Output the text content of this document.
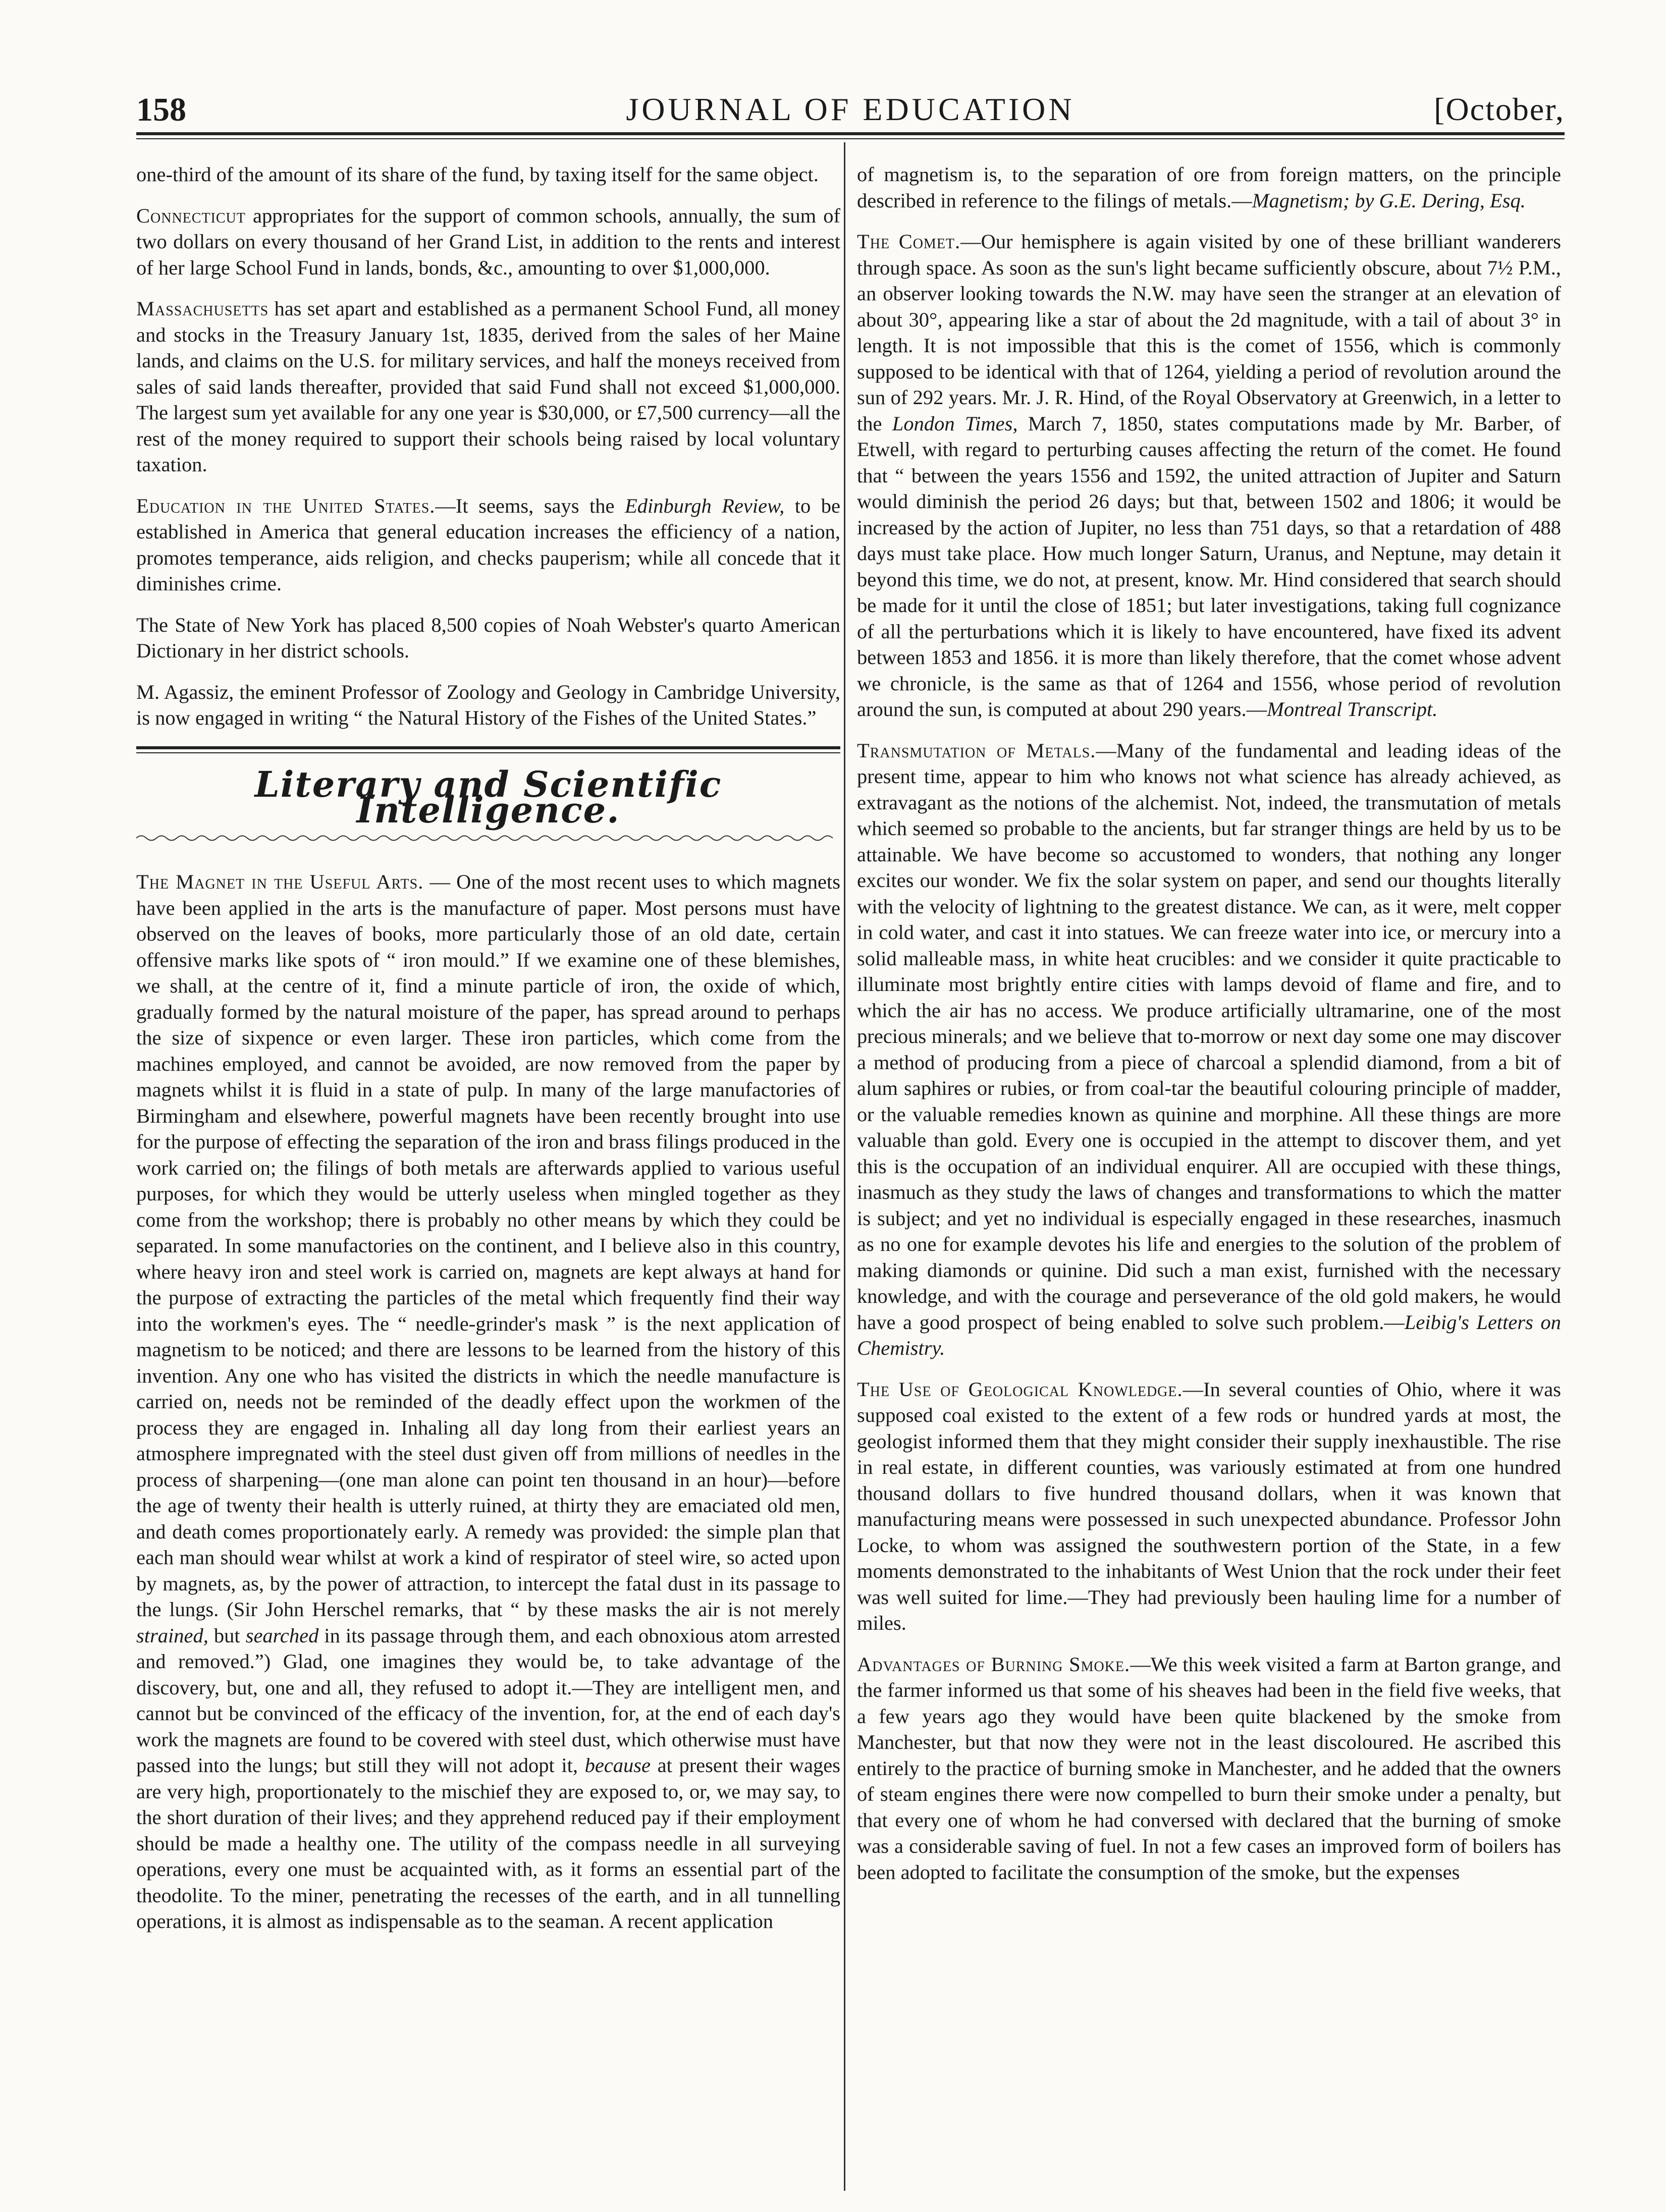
158	JOURNAL OF EDUCATION	[October,

one-third of the amount of its share of the fund, by taxing itself for the same object.

Connecticut appropriates for the support of common schools, annually, the sum of two dollars on every thousand of her Grand List, in addition to the rents and interest of her large School Fund in lands, bonds, &c., amounting to over $1,000,000.

Massachusetts has set apart and established as a permanent School Fund, all money and stocks in the Treasury January 1st, 1835, derived from the sales of her Maine lands, and claims on the U.S. for military services, and half the moneys received from sales of said lands thereafter, provided that said Fund shall not exceed $1,000,000. The largest sum yet available for any one year is $30,000, or £7,500 currency—all the rest of the money required to support their schools being raised by local voluntary taxation.

Education in the United States.—It seems, says the Edinburgh Review, to be established in America that general education increases the efficiency of a nation, promotes temperance, aids religion, and checks pauperism; while all concede that it diminishes crime.

The State of New York has placed 8,500 copies of Noah Webster's quarto American Dictionary in her district schools.

M. Agassiz, the eminent Professor of Zoology and Geology in Cambridge University, is now engaged in writing “ the Natural History of the Fishes of the United States.”

Literary and Scientific Intelligence.

The Magnet in the Useful Arts. — One of the most recent uses to which magnets have been applied in the arts is the manufacture of paper. Most persons must have observed on the leaves of books, more particularly those of an old date, certain offensive marks like spots of “ iron mould.” If we examine one of these blemishes, we shall, at the centre of it, find a minute particle of iron, the oxide of which, gradually formed by the natural moisture of the paper, has spread around to perhaps the size of sixpence or even larger. These iron particles, which come from the machines employed, and cannot be avoided, are now removed from the paper by magnets whilst it is fluid in a state of pulp. In many of the large manufactories of Birmingham and elsewhere, powerful magnets have been recently brought into use for the purpose of effecting the separation of the iron and brass filings produced in the work carried on; the filings of both metals are afterwards applied to various useful purposes, for which they would be utterly useless when mingled together as they come from the workshop; there is probably no other means by which they could be separated. In some manufactories on the continent, and I believe also in this country, where heavy iron and steel work is carried on, magnets are kept always at hand for the purpose of extracting the particles of the metal which frequently find their way into the workmen's eyes. The “ needle-grinder's mask ” is the next application of magnetism to be noticed; and there are lessons to be learned from the history of this invention. Any one who has visited the districts in which the needle manufacture is carried on, needs not be reminded of the deadly effect upon the workmen of the process they are engaged in. Inhaling all day long from their earliest years an atmosphere impregnated with the steel dust given off from millions of needles in the process of sharpening—(one man alone can point ten thousand in an hour)—before the age of twenty their health is utterly ruined, at thirty they are emaciated old men, and death comes proportionately early. A remedy was provided: the simple plan that each man should wear whilst at work a kind of respirator of steel wire, so acted upon by magnets, as, by the power of attraction, to intercept the fatal dust in its passage to the lungs. (Sir John Herschel remarks, that “ by these masks the air is not merely strained, but searched in its passage through them, and each obnoxious atom arrested and removed.”) Glad, one imagines they would be, to take advantage of the discovery, but, one and all, they refused to adopt it.—They are intelligent men, and cannot but be convinced of the efficacy of the invention, for, at the end of each day's work the magnets are found to be covered with steel dust, which otherwise must have passed into the lungs; but still they will not adopt it, because at present their wages are very high, proportionately to the mischief they are exposed to, or, we may say, to the short duration of their lives; and they apprehend reduced pay if their employment should be made a healthy one. The utility of the compass needle in all surveying operations, every one must be acquainted with, as it forms an essential part of the theodolite. To the miner, penetrating the recesses of the earth, and in all tunnelling operations, it is almost as indispensable as to the seaman. A recent application

of magnetism is, to the separation of ore from foreign matters, on the principle described in reference to the filings of metals.—Magnetism; by G.E. Dering, Esq.

The Comet.—Our hemisphere is again visited by one of these brilliant wanderers through space. As soon as the sun's light became sufficiently obscure, about 7½ P.M., an observer looking towards the N.W. may have seen the stranger at an elevation of about 30°, appearing like a star of about the 2d magnitude, with a tail of about 3° in length. It is not impossible that this is the comet of 1556, which is commonly supposed to be identical with that of 1264, yielding a period of revolution around the sun of 292 years. Mr. J. R. Hind, of the Royal Observatory at Greenwich, in a letter to the London Times, March 7, 1850, states computations made by Mr. Barber, of Etwell, with regard to perturbing causes affecting the return of the comet. He found that “ between the years 1556 and 1592, the united attraction of Jupiter and Saturn would diminish the period 26 days; but that, between 1502 and 1806; it would be increased by the action of Jupiter, no less than 751 days, so that a retardation of 488 days must take place. How much longer Saturn, Uranus, and Neptune, may detain it beyond this time, we do not, at present, know. Mr. Hind considered that search should be made for it until the close of 1851; but later investigations, taking full cognizance of all the perturbations which it is likely to have encountered, have fixed its advent between 1853 and 1856. it is more than likely therefore, that the comet whose advent we chronicle, is the same as that of 1264 and 1556, whose period of revolution around the sun, is computed at about 290 years.—Montreal Transcript.

Transmutation of Metals.—Many of the fundamental and leading ideas of the present time, appear to him who knows not what science has already achieved, as extravagant as the notions of the alchemist. Not, indeed, the transmutation of metals which seemed so probable to the ancients, but far stranger things are held by us to be attainable. We have become so accustomed to wonders, that nothing any longer excites our wonder. We fix the solar system on paper, and send our thoughts literally with the velocity of lightning to the greatest distance. We can, as it were, melt copper in cold water, and cast it into statues. We can freeze water into ice, or mercury into a solid malleable mass, in white heat crucibles: and we consider it quite practicable to illuminate most brightly entire cities with lamps devoid of flame and fire, and to which the air has no access. We produce artificially ultramarine, one of the most precious minerals; and we believe that to-morrow or next day some one may discover a method of producing from a piece of charcoal a splendid diamond, from a bit of alum saphires or rubies, or from coal-tar the beautiful colouring principle of madder, or the valuable remedies known as quinine and morphine. All these things are more valuable than gold. Every one is occupied in the attempt to discover them, and yet this is the occupation of an individual enquirer. All are occupied with these things, inasmuch as they study the laws of changes and transformations to which the matter is subject; and yet no individual is especially engaged in these researches, inasmuch as no one for example devotes his life and energies to the solution of the problem of making diamonds or quinine. Did such a man exist, furnished with the necessary knowledge, and with the courage and perseverance of the old gold makers, he would have a good prospect of being enabled to solve such problem.—Leibig's Letters on Chemistry.

The Use of Geological Knowledge.—In several counties of Ohio, where it was supposed coal existed to the extent of a few rods or hundred yards at most, the geologist informed them that they might consider their supply inexhaustible. The rise in real estate, in different counties, was variously estimated at from one hundred thousand dollars to five hundred thousand dollars, when it was known that manufacturing means were possessed in such unexpected abundance. Professor John Locke, to whom was assigned the southwestern portion of the State, in a few moments demonstrated to the inhabitants of West Union that the rock under their feet was well suited for lime.—They had previously been hauling lime for a number of miles.

Advantages of Burning Smoke.—We this week visited a farm at Barton grange, and the farmer informed us that some of his sheaves had been in the field five weeks, that a few years ago they would have been quite blackened by the smoke from Manchester, but that now they were not in the least discoloured. He ascribed this entirely to the practice of burning smoke in Manchester, and he added that the owners of steam engines there were now compelled to burn their smoke under a penalty, but that every one of whom he had conversed with declared that the burning of smoke was a considerable saving of fuel. In not a few cases an improved form of boilers has been adopted to facilitate the consumption of the smoke, but the expenses
